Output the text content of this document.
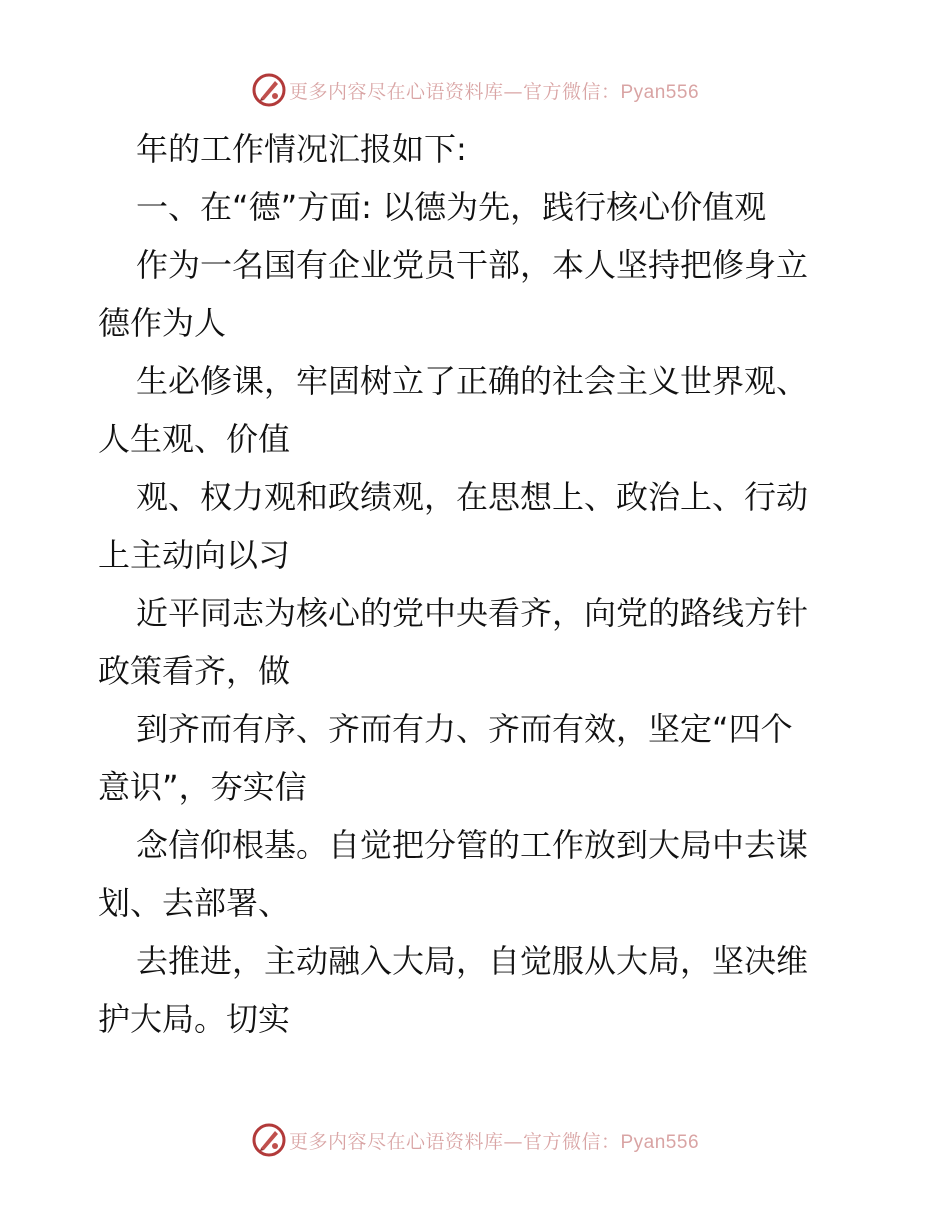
更多内容尽在心语资料库—官方微信：Pyan556
年的工作情况汇报如下:
一、在“德”方面: 以德为先，践行核心价值观
作为一名国有企业党员干部，本人坚持把修身立
德作为人
生必修课，牢固树立了正确的社会主义世界观、
人生观、价值
观、权力观和政绩观，在思想上、政治上、行动
上主动向以习
近平同志为核心的党中央看齐，向党的路线方针
政策看齐，做
到齐而有序、齐而有力、齐而有效，坚定“四个
意识”，夯实信
念信仰根基。自觉把分管的工作放到大局中去谋
划、去部署、
去推进，主动融入大局，自觉服从大局，坚决维
护大局。切实
更多内容尽在心语资料库—官方微信：Pyan556
